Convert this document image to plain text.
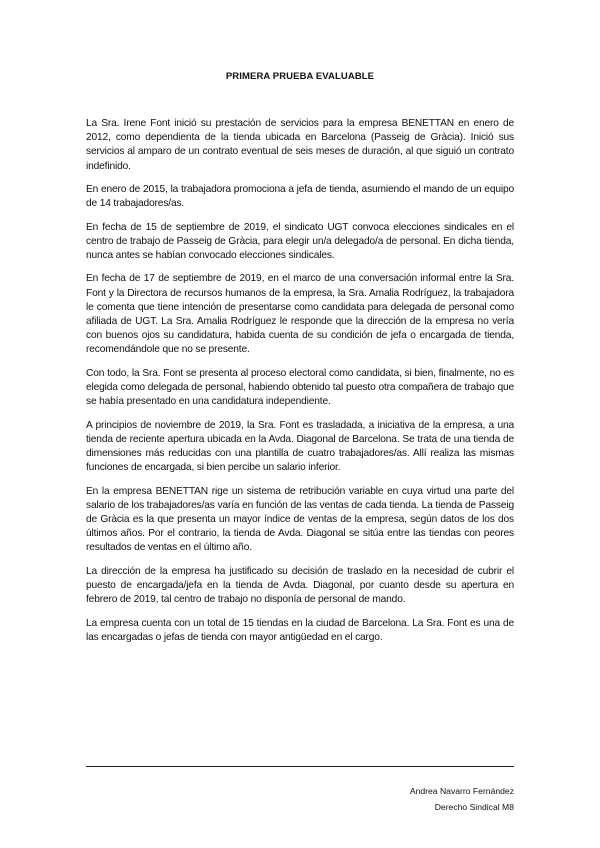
PRIMERA PRUEBA EVALUABLE

La Sra. Irene Font inició su prestación de servicios para la empresa BENETTAN en enero de 2012, como dependienta de la tienda ubicada en Barcelona (Passeig de Gràcia). Inició sus servicios al amparo de un contrato eventual de seis meses de duración, al que siguió un contrato indefinido.

En enero de 2015, la trabajadora promociona a jefa de tienda, asumiendo el mando de un equipo de 14 trabajadores/as.

En fecha de 15 de septiembre de 2019, el sindicato UGT convoca elecciones sindicales en el centro de trabajo de Passeig de Gràcia, para elegir un/a delegado/a de personal. En dicha tienda, nunca antes se habían convocado elecciones sindicales.

En fecha de 17 de septiembre de 2019, en el marco de una conversación informal entre la Sra. Font y la Directora de recursos humanos de la empresa, la Sra. Amalia Rodríguez, la trabajadora le comenta que tiene intención de presentarse como candidata para delegada de personal como afiliada de UGT. La Sra. Amalia Rodríguez le responde que la dirección de la empresa no vería con buenos ojos su candidatura, habida cuenta de su condición de jefa o encargada de tienda, recomendándole que no se presente.

Con todo, la Sra. Font se presenta al proceso electoral como candidata, si bien, finalmente, no es elegida como delegada de personal, habiendo obtenido tal puesto otra compañera de trabajo que se había presentado en una candidatura independiente.

A principios de noviembre de 2019, la Sra. Font es trasladada, a iniciativa de la empresa, a una tienda de reciente apertura ubicada en la Avda. Diagonal de Barcelona. Se trata de una tienda de dimensiones más reducidas con una plantilla de cuatro trabajadores/as. Allí realiza las mismas funciones de encargada, si bien percibe un salario inferior.

En la empresa BENETTAN rige un sistema de retribución variable en cuya virtud una parte del salario de los trabajadores/as varía en función de las ventas de cada tienda. La tienda de Passeig de Gràcia es la que presenta un mayor índice de ventas de la empresa, según datos de los dos últimos años. Por el contrario, la tienda de Avda. Diagonal se sitúa entre las tiendas con peores resultados de ventas en el último año.

La dirección de la empresa ha justificado su decisión de traslado en la necesidad de cubrir el puesto de encargada/jefa en la tienda de Avda. Diagonal, por cuanto desde su apertura en febrero de 2019, tal centro de trabajo no disponía de personal de mando.

La empresa cuenta con un total de 15 tiendas en la ciudad de Barcelona. La Sra. Font es una de las encargadas o jefas de tienda con mayor antigüedad en el cargo.

Andrea Navarro Fernández
Derecho Sindical M8
